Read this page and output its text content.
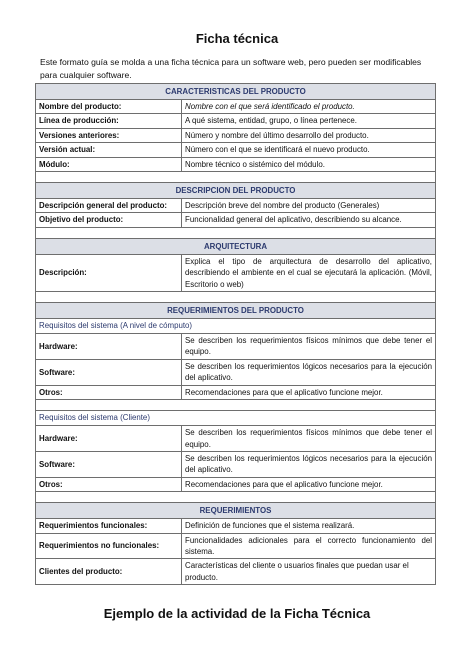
Ficha técnica
Este formato guía se molda a una ficha técnica para un software web, pero pueden ser modificables para cualquier software.
CARACTERISTICAS DEL PRODUCTO	
Nombre del producto:	Nombre con el que será identificado el producto.
Línea de producción:	A qué sistema, entidad, grupo, o línea pertenece.
Versiones anteriores:	Número y nombre del último desarrollo del producto.
Versión actual:	Número con el que se identificará el nuevo producto.
Módulo:	Nombre técnico o sistémico del módulo.

DESCRIPCION DEL PRODUCTO	
Descripción general del producto:	Descripción breve del nombre del producto (Generales)
Objetivo del producto:	Funcionalidad general del aplicativo, describiendo su alcance.

ARQUITECTURA	
Descripción:	Explica el tipo de arquitectura de desarrollo del aplicativo, describiendo el ambiente en el cual se ejecutará la aplicación. (Móvil, Escritorio o web)

REQUERIMIENTOS DEL PRODUCTO	
Requisitos del sistema (A nivel de cómputo)	
Hardware:	Se describen los requerimientos físicos mínimos que debe tener el equipo.
Software:	Se describen los requerimientos lógicos necesarios para la ejecución del aplicativo.
Otros:	Recomendaciones para que el aplicativo funcione mejor.

Requisitos del sistema (Cliente)	
Hardware:	Se describen los requerimientos físicos mínimos que debe tener el equipo.
Software:	Se describen los requerimientos lógicos necesarios para la ejecución del aplicativo.
Otros:	Recomendaciones para que el aplicativo funcione mejor.

REQUERIMIENTOS	
Requerimientos funcionales:	Definición de funciones que el sistema realizará.
Requerimientos no funcionales:	Funcionalidades adicionales para el correcto funcionamiento del sistema.
Clientes del producto:	Características del cliente o usuarios finales que puedan usar el producto.
Ejemplo de la actividad de la Ficha Técnica
